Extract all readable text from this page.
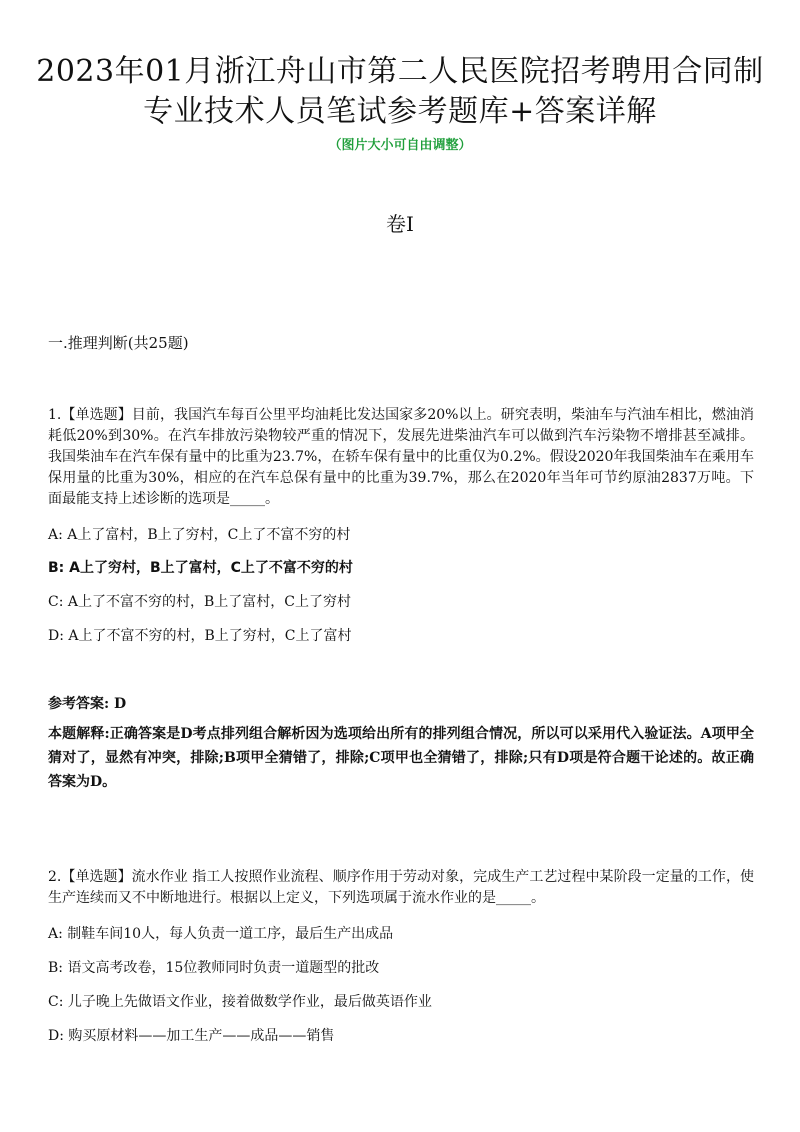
2023年01月浙江舟山市第二人民医院招考聘用合同制
专业技术人员笔试参考题库+答案详解
（图片大小可自由调整）
卷I
一.推理判断(共25题)
1.【单选题】目前，我国汽车每百公里平均油耗比发达国家多20%以上。研究表明，柴油车与汽油车相比，燃油消耗低20%到30%。在汽车排放污染物较严重的情况下，发展先进柴油汽车可以做到汽车污染物不增排甚至减排。我国柴油车在汽车保有量中的比重为23.7%，在轿车保有量中的比重仅为0.2%。假设2020年我国柴油车在乘用车保用量的比重为30%，相应的在汽车总保有量中的比重为39.7%，那么在2020年当年可节约原油2837万吨。下面最能支持上述诊断的选项是_____。
A: A上了富村，B上了穷村，C上了不富不穷的村
B: A上了穷村，B上了富村，C上了不富不穷的村
C: A上了不富不穷的村，B上了富村，C上了穷村
D: A上了不富不穷的村，B上了穷村，C上了富村
参考答案: D
本题解释:正确答案是D考点排列组合解析因为选项给出所有的排列组合情况，所以可以采用代入验证法。A项甲全猜对了，显然有冲突，排除;B项甲全猜错了，排除;C项甲也全猜错了，排除;只有D项是符合题干论述的。故正确答案为D。
2.【单选题】流水作业 指工人按照作业流程、顺序作用于劳动对象，完成生产工艺过程中某阶段一定量的工作，使生产连续而又不中断地进行。根据以上定义，下列选项属于流水作业的是_____。
A: 制鞋车间10人，每人负责一道工序，最后生产出成品
B: 语文高考改卷，15位教师同时负责一道题型的批改
C: 儿子晚上先做语文作业，接着做数学作业，最后做英语作业
D: 购买原材料——加工生产——成品——销售
